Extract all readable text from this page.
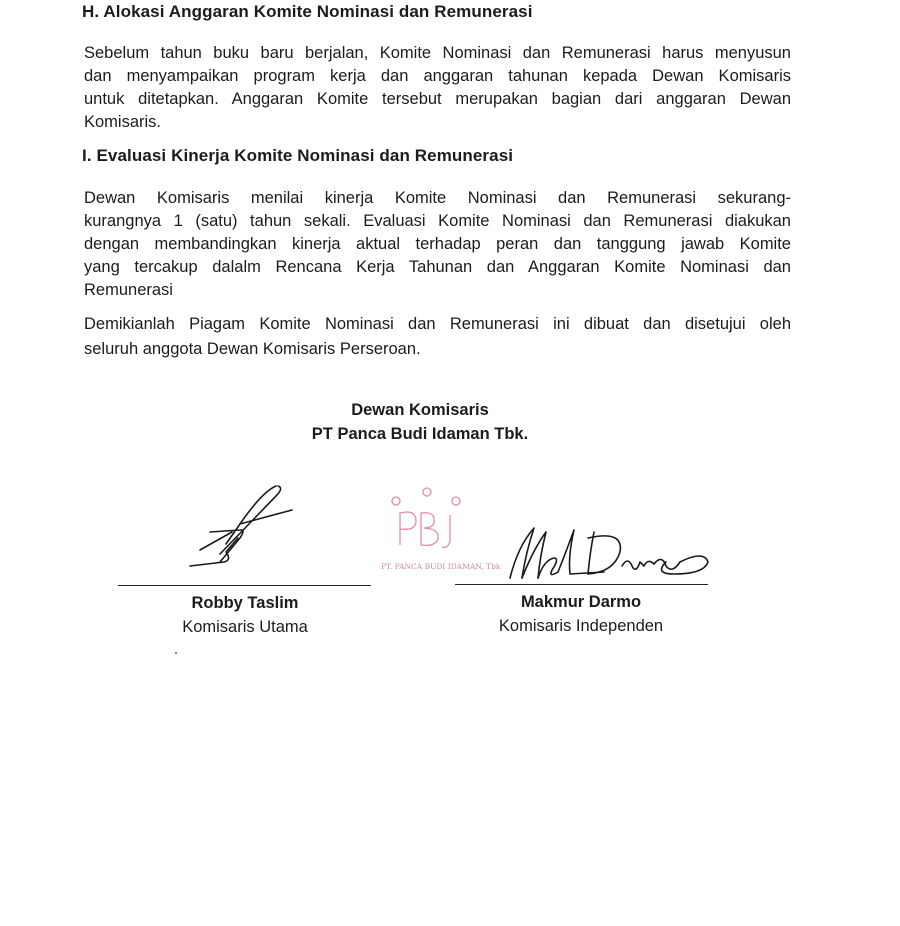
H. Alokasi Anggaran Komite Nominasi dan Remunerasi

Sebelum tahun buku baru berjalan, Komite Nominasi dan Remunerasi harus menyusun
dan menyampaikan program kerja dan anggaran tahunan kepada Dewan Komisaris
untuk ditetapkan. Anggaran Komite tersebut merupakan bagian dari anggaran Dewan
Komisaris.

I. Evaluasi Kinerja Komite Nominasi dan Remunerasi

Dewan Komisaris menilai kinerja Komite Nominasi dan Remunerasi sekurang-
kurangnya 1 (satu) tahun sekali. Evaluasi Komite Nominasi dan Remunerasi diakukan
dengan membandingkan kinerja aktual terhadap peran dan tanggung jawab Komite
yang tercakup dalalm Rencana Kerja Tahunan dan Anggaran Komite Nominasi dan
Remunerasi

Demikianlah Piagam Komite Nominasi dan Remunerasi ini dibuat dan disetujui oleh
seluruh anggota Dewan Komisaris Perseroan.

Dewan Komisaris
PT Panca Budi Idaman Tbk.
PT. PANCA BUDI IDAMAN, Tbk
Robby Taslim
Komisaris Utama
Makmur Darmo
Komisaris Independen
